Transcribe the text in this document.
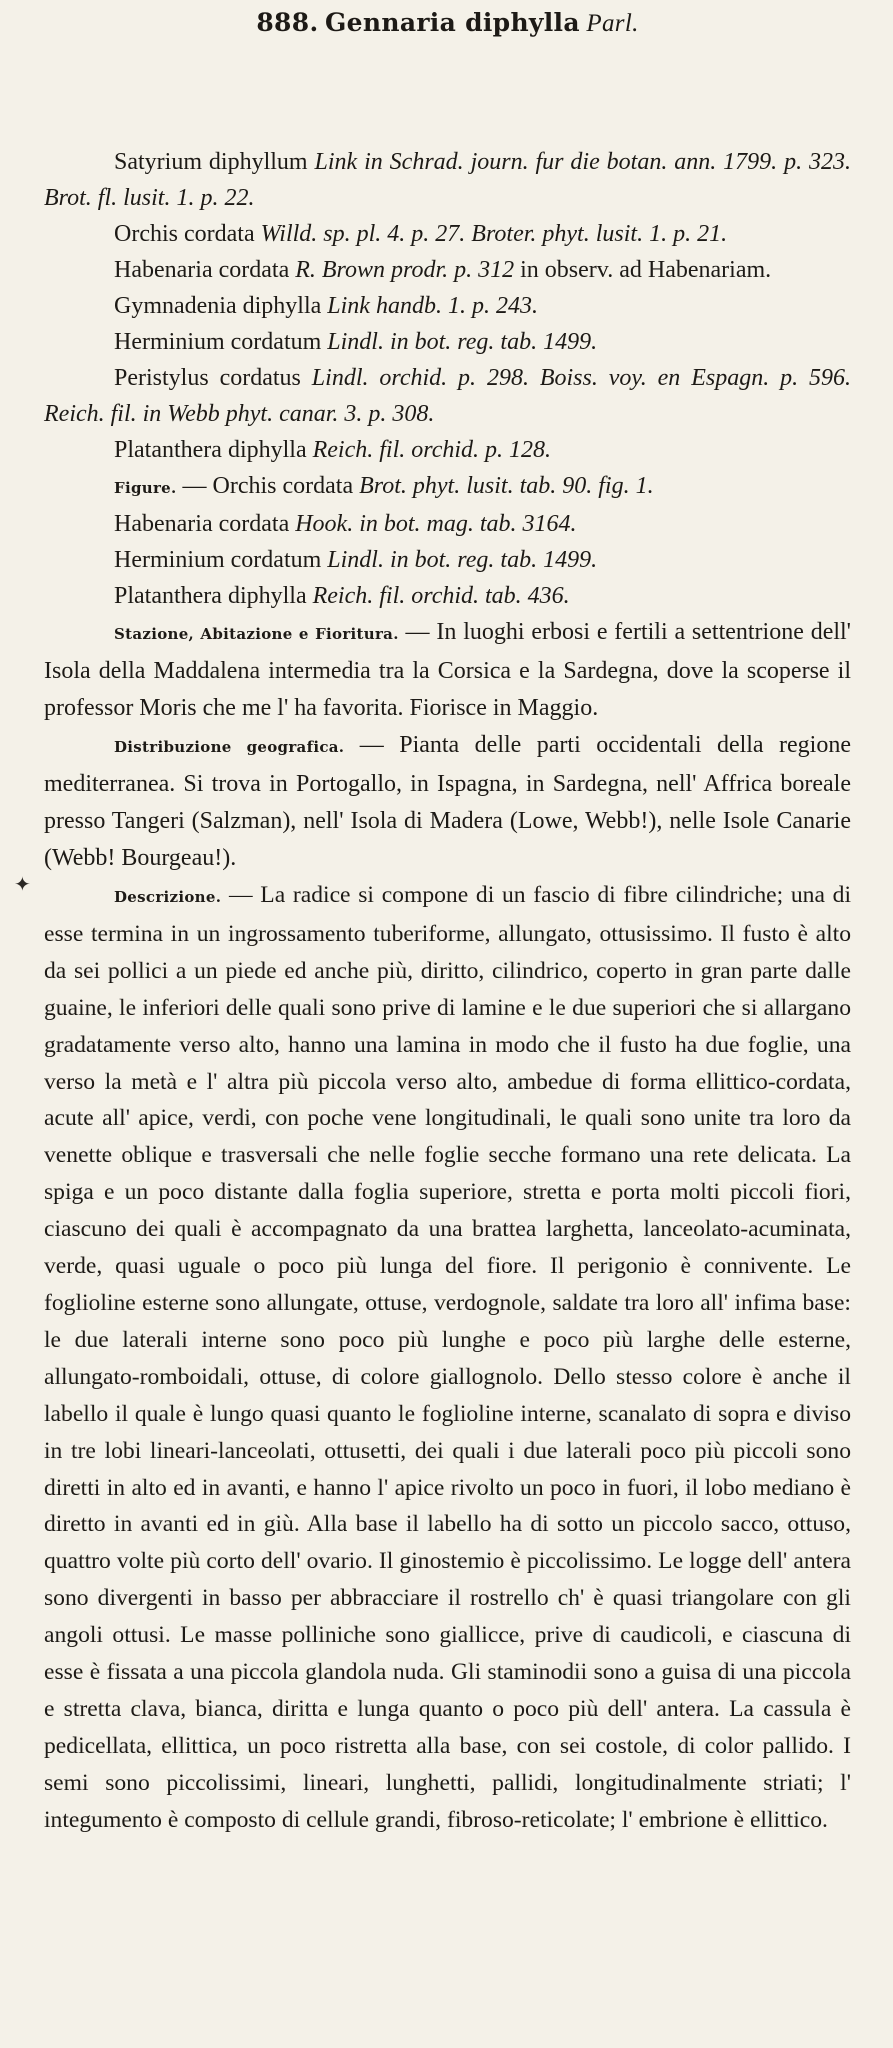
888. Gennaria diphylla Parl.

Satyrium diphyllum Link in Schrad. journ. fur die botan. ann. 1799. p. 323. Brot. fl. lusit. 1. p. 22.

Orchis cordata Willd. sp. pl. 4. p. 27. Broter. phyt. lusit. 1. p. 21.

Habenaria cordata R. Brown prodr. p. 312 in observ. ad Habenariam.

Gymnadenia diphylla Link handb. 1. p. 243.

Herminium cordatum Lindl. in bot. reg. tab. 1499.

Peristylus cordatus Lindl. orchid. p. 298. Boiss. voy. en Espagn. p. 596. Reich. fil. in Webb phyt. canar. 3. p. 308.

Platanthera diphylla Reich. fil. orchid. p. 128.

Figure. — Orchis cordata Brot. phyt. lusit. tab. 90. fig. 1.

Habenaria cordata Hook. in bot. mag. tab. 3164.

Herminium cordatum Lindl. in bot. reg. tab. 1499.

Platanthera diphylla Reich. fil. orchid. tab. 436.

Stazione, Abitazione e Fioritura. — In luoghi erbosi e fertili a settentrione dell' Isola della Maddalena intermedia tra la Corsica e la Sardegna, dove la scoperse il professor Moris che me l' ha favorita. Fiorisce in Maggio.

Distribuzione geografica. — Pianta delle parti occidentali della regione mediterranea. Si trova in Portogallo, in Ispagna, in Sardegna, nell' Affrica boreale presso Tangeri (Salzman), nell' Isola di Madera (Lowe, Webb!), nelle Isole Canarie (Webb! Bourgeau!).

Descrizione. — La radice si compone di un fascio di fibre cilindriche; una di esse termina in un ingrossamento tuberiforme, allungato, ottusissimo. Il fusto è alto da sei pollici a un piede ed anche più, diritto, cilindrico, coperto in gran parte dalle guaine, le inferiori delle quali sono prive di lamine e le due superiori che si allargano gradatamente verso alto, hanno una lamina in modo che il fusto ha due foglie, una verso la metà e l' altra più piccola verso alto, ambedue di forma ellittico-cordata, acute all' apice, verdi, con poche vene longitudinali, le quali sono unite tra loro da venette oblique e trasversali che nelle foglie secche formano una rete delicata. La spiga e un poco distante dalla foglia superiore, stretta e porta molti piccoli fiori, ciascuno dei quali è accompagnato da una brattea larghetta, lanceolato-acuminata, verde, quasi uguale o poco più lunga del fiore. Il perigonio è connivente. Le foglioline esterne sono allungate, ottuse, verdognole, saldate tra loro all' infima base: le due laterali interne sono poco più lunghe e poco più larghe delle esterne, allungato-romboidali, ottuse, di colore giallognolo. Dello stesso colore è anche il labello il quale è lungo quasi quanto le foglioline interne, scanalato di sopra e diviso in tre lobi lineari-lanceolati, ottusetti, dei quali i due laterali poco più piccoli sono diretti in alto ed in avanti, e hanno l' apice rivolto un poco in fuori, il lobo mediano è diretto in avanti ed in giù. Alla base il labello ha di sotto un piccolo sacco, ottuso, quattro volte più corto dell' ovario. Il ginostemio è piccolissimo. Le logge dell' antera sono divergenti in basso per abbracciare il rostrello ch' è quasi triangolare con gli angoli ottusi. Le masse polliniche sono giallicce, prive di caudicoli, e ciascuna di esse è fissata a una piccola glandola nuda. Gli staminodii sono a guisa di una piccola e stretta clava, bianca, diritta e lunga quanto o poco più dell' antera. La cassula è pedicellata, ellittica, un poco ristretta alla base, con sei costole, di color pallido. I semi sono piccolissimi, lineari, lunghetti, pallidi, longitudinalmente striati; l' integumento è composto di cellule grandi, fibroso-reticolate; l' embrione è ellittico.

✦
